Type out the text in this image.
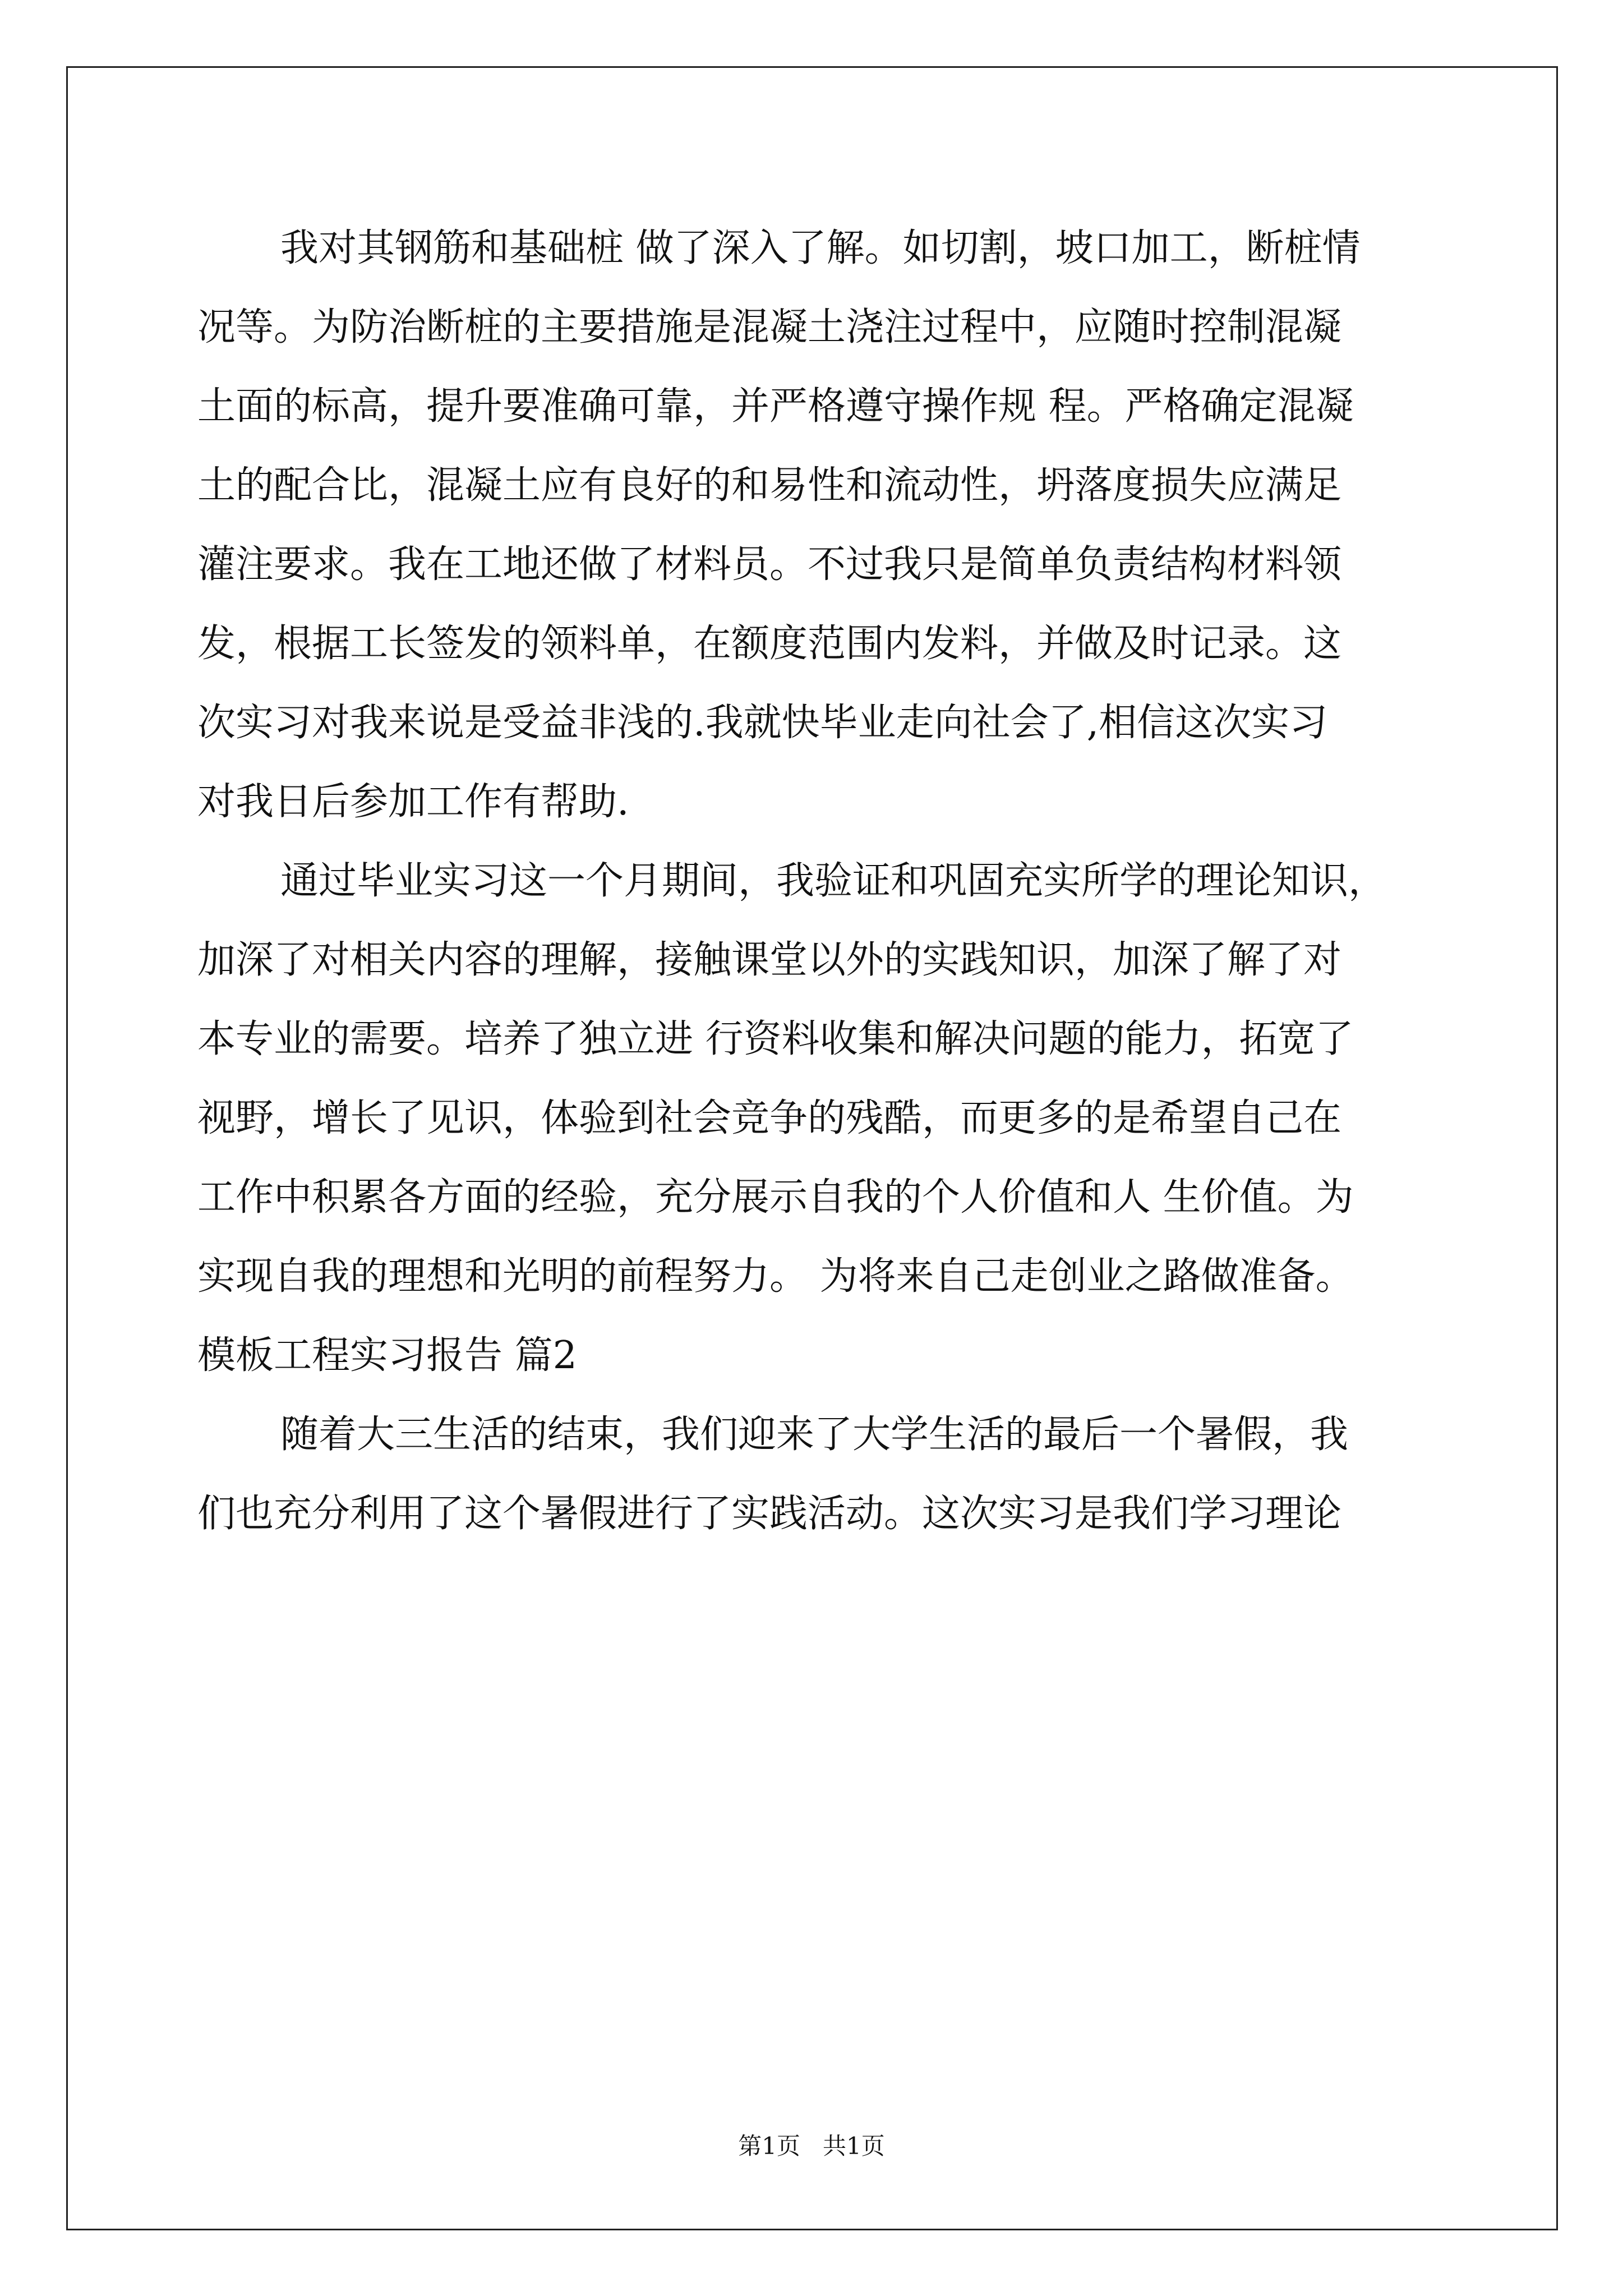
我对其钢筋和基础桩 做了深入了解。如切割，坡口加工，断桩情
况等。为防治断桩的主要措施是混凝土浇注过程中，应随时控制混凝
土面的标高，提升要准确可靠，并严格遵守操作规 程。严格确定混凝
土的配合比，混凝土应有良好的和易性和流动性，坍落度损失应满足
灌注要求。我在工地还做了材料员。不过我只是简单负责结构材料领
发，根据工长签发的领料单，在额度范围内发料，并做及时记录。这
次实习对我来说是受益非浅的.我就快毕业走向社会了,相信这次实习
对我日后参加工作有帮助.
通过毕业实习这一个月期间，我验证和巩固充实所学的理论知识，
加深了对相关内容的理解，接触课堂以外的实践知识，加深了解了对
本专业的需要。培养了独立进 行资料收集和解决问题的能力，拓宽了
视野，增长了见识，体验到社会竞争的残酷，而更多的是希望自己在
工作中积累各方面的经验，充分展示自我的个人价值和人 生价值。为
实现自我的理想和光明的前程努力。 为将来自己走创业之路做准备。
模板工程实习报告 篇2
随着大三生活的结束，我们迎来了大学生活的最后一个暑假，我
们也充分利用了这个暑假进行了实践活动。这次实习是我们学习理论
第1页 共1页
